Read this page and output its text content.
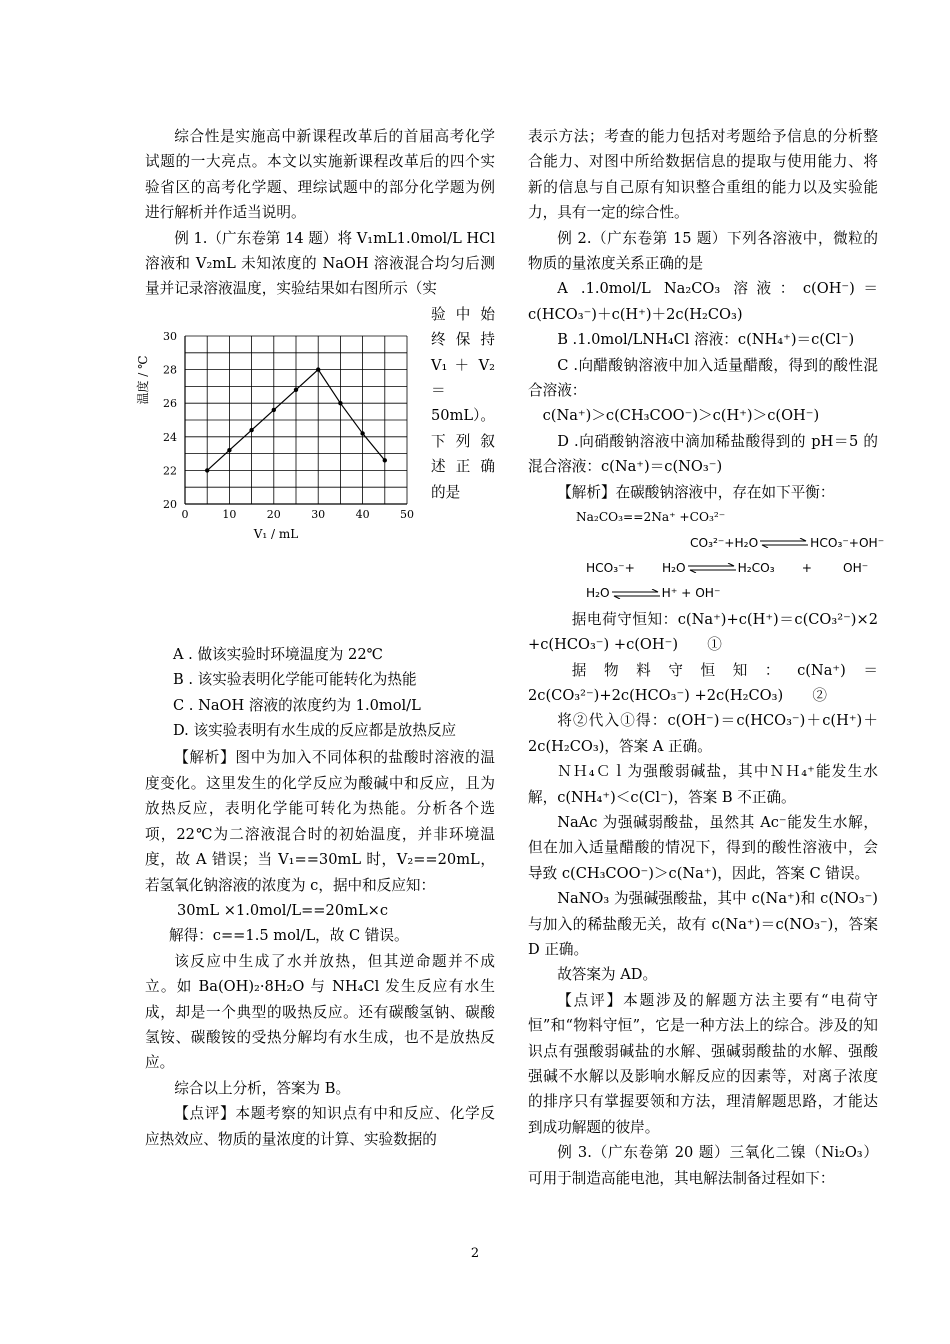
综合性是实施高中新课程改革后的首届高考化学试题的一大亮点。本文以实施新课程改革后的四个实验省区的高考化学题、理综试题中的部分化学题为例进行解析并作适当说明。

例 1.（广东卷第 14 题）将 V₁mL1.0mol/L HCl 溶液和 V₂mL 未知浓度的 NaOH 溶液混合均匀后测量并记录溶液温度，实验结果如右图所示（实

0	10	20	30	40	50
20
22
24
26
28
30
V₁ / mL
温度 / ℃
验 中 始
终 保 持
V₁ ＋ V₂
＝
50mL）。
下 列 叙
述 正 确
的是

A . 做该实验时环境温度为 22℃

B . 该实验表明化学能可能转化为热能

C . NaOH 溶液的浓度约为 1.0mol/L

D. 该实验表明有水生成的反应都是放热反应

【解析】图中为加入不同体积的盐酸时溶液的温度变化。这里发生的化学反应为酸碱中和反应，且为放热反应，表明化学能可转化为热能。分析各个选项，22℃为二溶液混合时的初始温度，并非环境温度，故 A 错误；当 V₁==30mL 时，V₂==20mL，若氢氧化钠溶液的浓度为 c，据中和反应知：

30mL ×1.0mol/L==20mL×c

解得：c==1.5 mol/L，故 C 错误。

该反应中生成了水并放热，但其逆命题并不成立。如 Ba(OH)₂·8H₂O 与 NH₄Cl 发生反应有水生成，却是一个典型的吸热反应。还有碳酸氢钠、碳酸氢铵、碳酸铵的受热分解均有水生成，也不是放热反应。

综合以上分析，答案为 B。

【点评】本题考察的知识点有中和反应、化学反应热效应、物质的量浓度的计算、实验数据的

表示方法；考查的能力包括对考题给予信息的分析整合能力、对图中所给数据信息的提取与使用能力、将新的信息与自己原有知识整合重组的能力以及实验能力，具有一定的综合性。

例 2.（广东卷第 15 题）下列各溶液中，微粒的物质的量浓度关系正确的是

A .1.0mol/L Na₂CO₃ 溶液：c(OH⁻)＝c(HCO₃⁻)＋c(H⁺)＋2c(H₂CO₃)

B .1.0mol/LNH₄Cl 溶液：c(NH₄⁺)＝c(Cl⁻)

C .向醋酸钠溶液中加入适量醋酸，得到的酸性混合溶液：

c(Na⁺)＞c(CH₃COO⁻)＞c(H⁺)＞c(OH⁻)

D .向硝酸钠溶液中滴加稀盐酸得到的 pH＝5 的混合溶液：c(Na⁺)＝c(NO₃⁻)

【解析】在碳酸钠溶液中，存在如下平衡：

Na₂CO₃==2Na⁺ +CO₃²⁻

CO₃²⁻+H₂O	HCO₃⁻+OH⁻

HCO₃⁻+ H₂O	H₂CO₃ +	OH⁻

H₂O	H⁺ + OH⁻

据电荷守恒知：c(Na⁺)+c(H⁺)＝c(CO₃²⁻)×2 +c(HCO₃⁻) +c(OH⁻)　　①

据物料守恒知：c(Na⁺)＝2c(CO₃²⁻)+2c(HCO₃⁻) +2c(H₂CO₃)　　②

将②代入①得：c(OH⁻)＝c(HCO₃⁻)＋c(H⁺)＋2c(H₂CO₃)，答案 A 正确。

ＮＨ₄Ｃｌ为强酸弱碱盐，其中ＮＨ₄⁺能发生水解，c(NH₄⁺)＜c(Cl⁻)，答案 B 不正确。

NaAc 为强碱弱酸盐，虽然其 Ac⁻能发生水解，但在加入适量醋酸的情况下，得到的酸性溶液中，会导致 c(CH₃COO⁻)＞c(Na⁺)，因此，答案 C 错误。

NaNO₃ 为强碱强酸盐，其中 c(Na⁺)和 c(NO₃⁻)与加入的稀盐酸无关，故有 c(Na⁺)＝c(NO₃⁻)，答案 D 正确。

故答案为 AD。

【点评】本题涉及的解题方法主要有“电荷守恒”和“物料守恒”，它是一种方法上的综合。涉及的知识点有强酸弱碱盐的水解、强碱弱酸盐的水解、强酸强碱不水解以及影响水解反应的因素等，对离子浓度的排序只有掌握要领和方法，理清解题思路，才能达到成功解题的彼岸。

例 3.（广东卷第 20 题）三氧化二镍（Ni₂O₃）可用于制造高能电池，其电解法制备过程如下：

2
